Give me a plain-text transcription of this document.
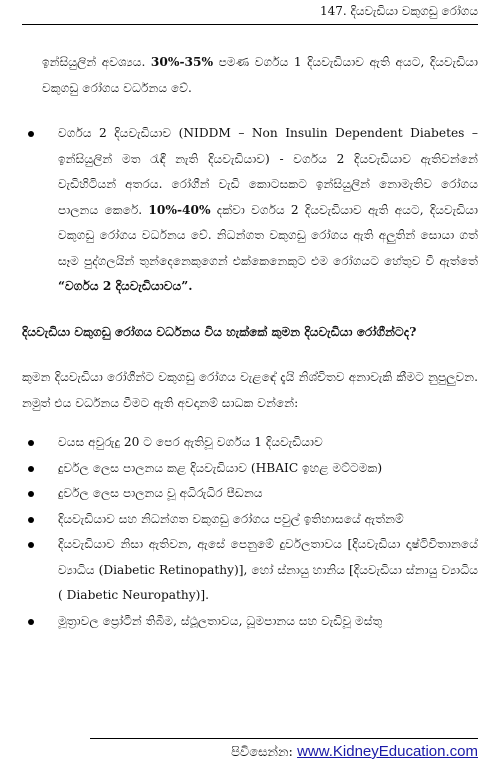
147. දියවැඩියා වකුගඩු රෝගය

ඉන්සියුලින් අවශ්‍යය. 30%-35% පමණ වර්ගය 1 දියවැඩියාව ඇති අයට, දියවැඩියා වකුගඩු රෝගය වර්ධනය වේ.

වර්ගය 2 දියවැඩියාව (NIDDM – Non Insulin Dependent Diabetes – ඉන්සියුලින් මත රැඳී නැති දියවැඩියාව) - වර්ගය 2 දියවැඩියාව ඇතිවන්නේ වැඩිහිටියන් අතරය. රෝගීන් වැඩි කොටසකට ඉන්සියුලින් නොමැතිව රෝගය පාලනය කෙරේ. 10%-40% දක්වා වර්ගය 2 දියවැඩියාව ඇති අයට, දියවැඩියා වකුගඩු රෝගය වර්ධනය වේ. නිධන්ගත වකුගඩු රෝගය ඇති අලුතින් සොයා ගත් සෑම පුද්ගලයින් තුන්දෙනෙකුගෙන් එක්කෙනෙකුට එම රෝගයට හේතුව වී ඇත්තේ “වර්ගය 2 දියවැඩියාවය”.

දියවැඩියා වකුගඩු රෝගය වර්ධනය විය හැක්කේ කුමන දියවැඩියා රෝගීන්ටද?

කුමන දියවැඩියා රෝගීන්ට වකුගඩු රෝගය වැළඳේ දැයි නිශ්චිතව අනාවැකි කීමට නුපුලුවන. නමුත් එය වර්ධනය වීමට ඇති අවදානම් සාධක වන්නේ:

වයස අවුරුදු 20 ට පෙර ඇතිවූ වර්ගය 1 දියවැඩියාව
දුර්වල ලෙස පාලනය කළ දියවැඩියාව (HBAIC ඉහළ මට්ටමක)
දුර්වල ලෙස පාලනය වූ අධිරුධිර පීඩනය
දියවැඩියාව සහ නිධන්ගත වකුගඩු රෝගය පවුල් ඉතිහාසයේ ඇත්නම්
දියවැඩියාව නිසා ඇතිවන, ඇසේ පෙනුමේ දුර්වලතාවය [දියවැඩියා දෘෂ්ටිවිතානයේ ව්‍යාධිය (Diabetic Retinopathy)], හෝ ස්නායු හානිය [දියවැඩියා ස්නායු ව්‍යාධිය ( Diabetic Neuropathy)].
මූත්‍රාවල ප්‍රෝටීන් තිබීම, ස්ථූලතාවය, ධූමපානය සහ වැඩිවූ මස්තු
පිවිසෙන්න: www.KidneyEducation.com
